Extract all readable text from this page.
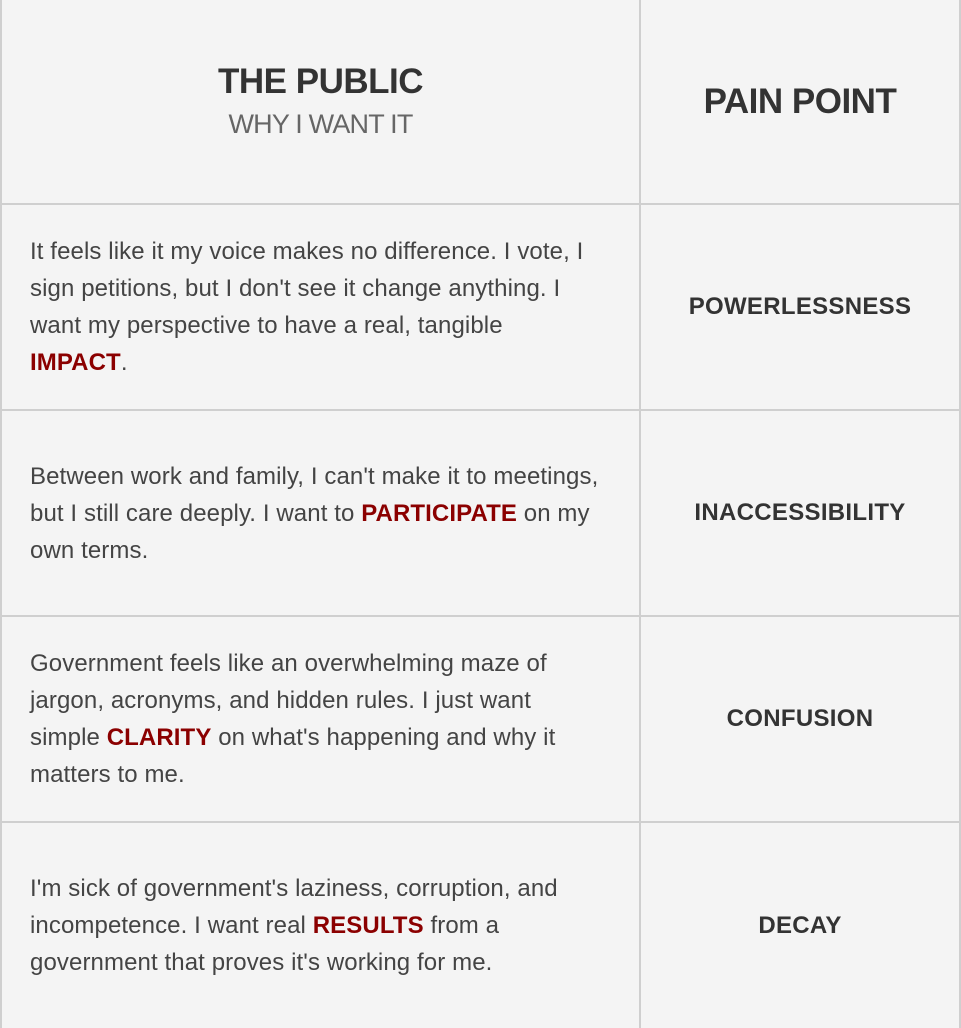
THE PUBLIC
WHY I WANT IT
PAIN POINT
It feels like it my voice makes no difference. I vote, I sign petitions, but I don't see it change anything. I want my perspective to have a real, tangible IMPACT.
POWERLESSNESS
Between work and family, I can't make it to meetings, but I still care deeply. I want to PARTICIPATE on my own terms.
INACCESSIBILITY
Government feels like an overwhelming maze of jargon, acronyms, and hidden rules. I just want simple CLARITY on what's happening and why it matters to me.
CONFUSION
I'm sick of government's laziness, corruption, and incompetence. I want real RESULTS from a government that proves it's working for me.
DECAY
